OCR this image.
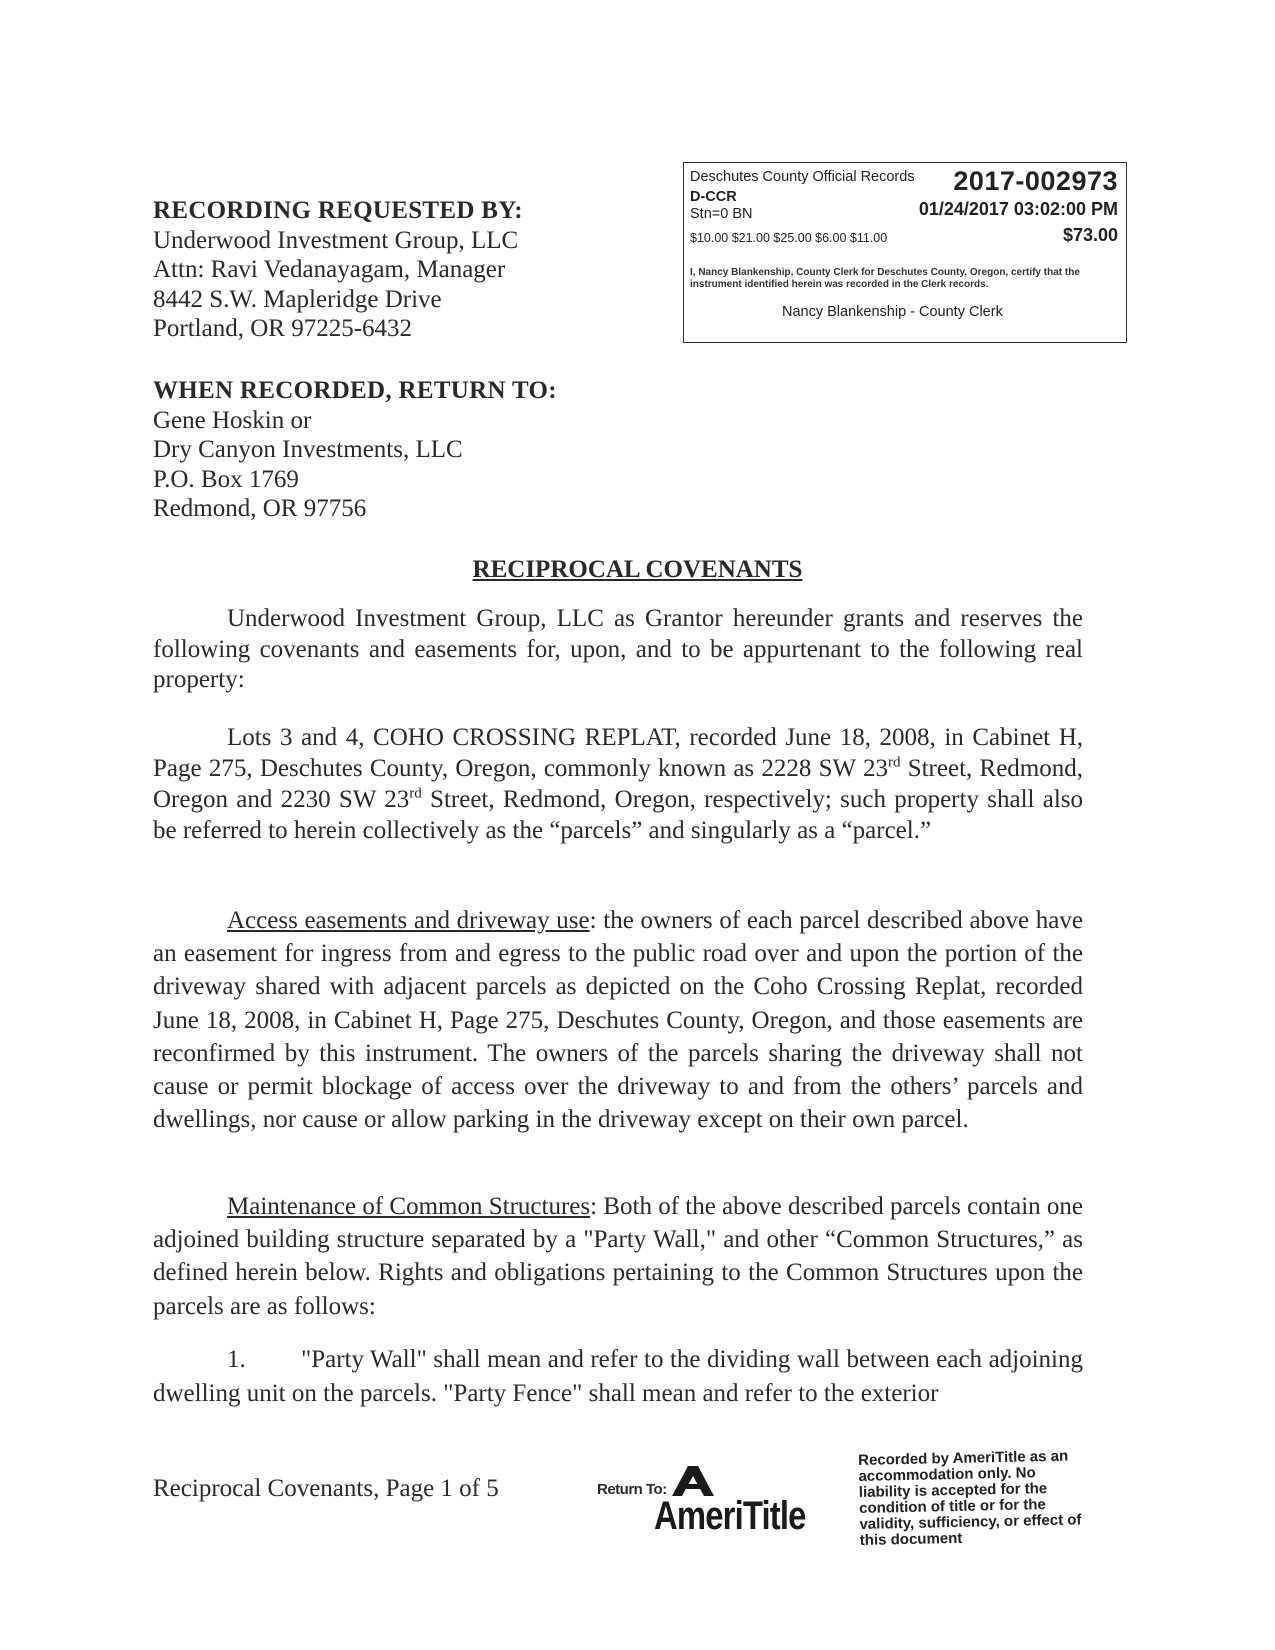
RECORDING REQUESTED BY:
Underwood Investment Group, LLC
Attn: Ravi Vedanayagam, Manager
8442 S.W. Mapleridge Drive
Portland, OR 97225-6432
Deschutes County Official Records 2017-002973
D-CCR
Stn=0 BN	01/24/2017 03:02:00 PM
$10.00 $21.00 $25.00 $6.00 $11.00	$73.00
I, Nancy Blankenship, County Clerk for Deschutes County, Oregon, certify that the instrument identified herein was recorded in the Clerk records.
Nancy Blankenship - County Clerk
WHEN RECORDED, RETURN TO:
Gene Hoskin or
Dry Canyon Investments, LLC
P.O. Box 1769
Redmond, OR 97756
RECIPROCAL COVENANTS
Underwood Investment Group, LLC as Grantor hereunder grants and reserves the following covenants and easements for, upon, and to be appurtenant to the following real property:
Lots 3 and 4, COHO CROSSING REPLAT, recorded June 18, 2008, in Cabinet H, Page 275, Deschutes County, Oregon, commonly known as 2228 SW 23rd Street, Redmond, Oregon and 2230 SW 23rd Street, Redmond, Oregon, respectively; such property shall also be referred to herein collectively as the “parcels” and singularly as a “parcel.”
Access easements and driveway use: the owners of each parcel described above have an easement for ingress from and egress to the public road over and upon the portion of the driveway shared with adjacent parcels as depicted on the Coho Crossing Replat, recorded June 18, 2008, in Cabinet H, Page 275, Deschutes County, Oregon, and those easements are reconfirmed by this instrument. The owners of the parcels sharing the driveway shall not cause or permit blockage of access over the driveway to and from the others’ parcels and dwellings, nor cause or allow parking in the driveway except on their own parcel.
Maintenance of Common Structures: Both of the above described parcels contain one adjoined building structure separated by a "Party Wall," and other “Common Structures,” as defined herein below. Rights and obligations pertaining to the Common Structures upon the parcels are as follows:
1. "Party Wall" shall mean and refer to the dividing wall between each adjoining dwelling unit on the parcels. "Party Fence" shall mean and refer to the exterior
Reciprocal Covenants, Page 1 of 5	Return To:
AmeriTitle
Recorded by AmeriTitle as an accommodation only. No liability is accepted for the condition of title or for the validity, sufficiency, or effect of this document
